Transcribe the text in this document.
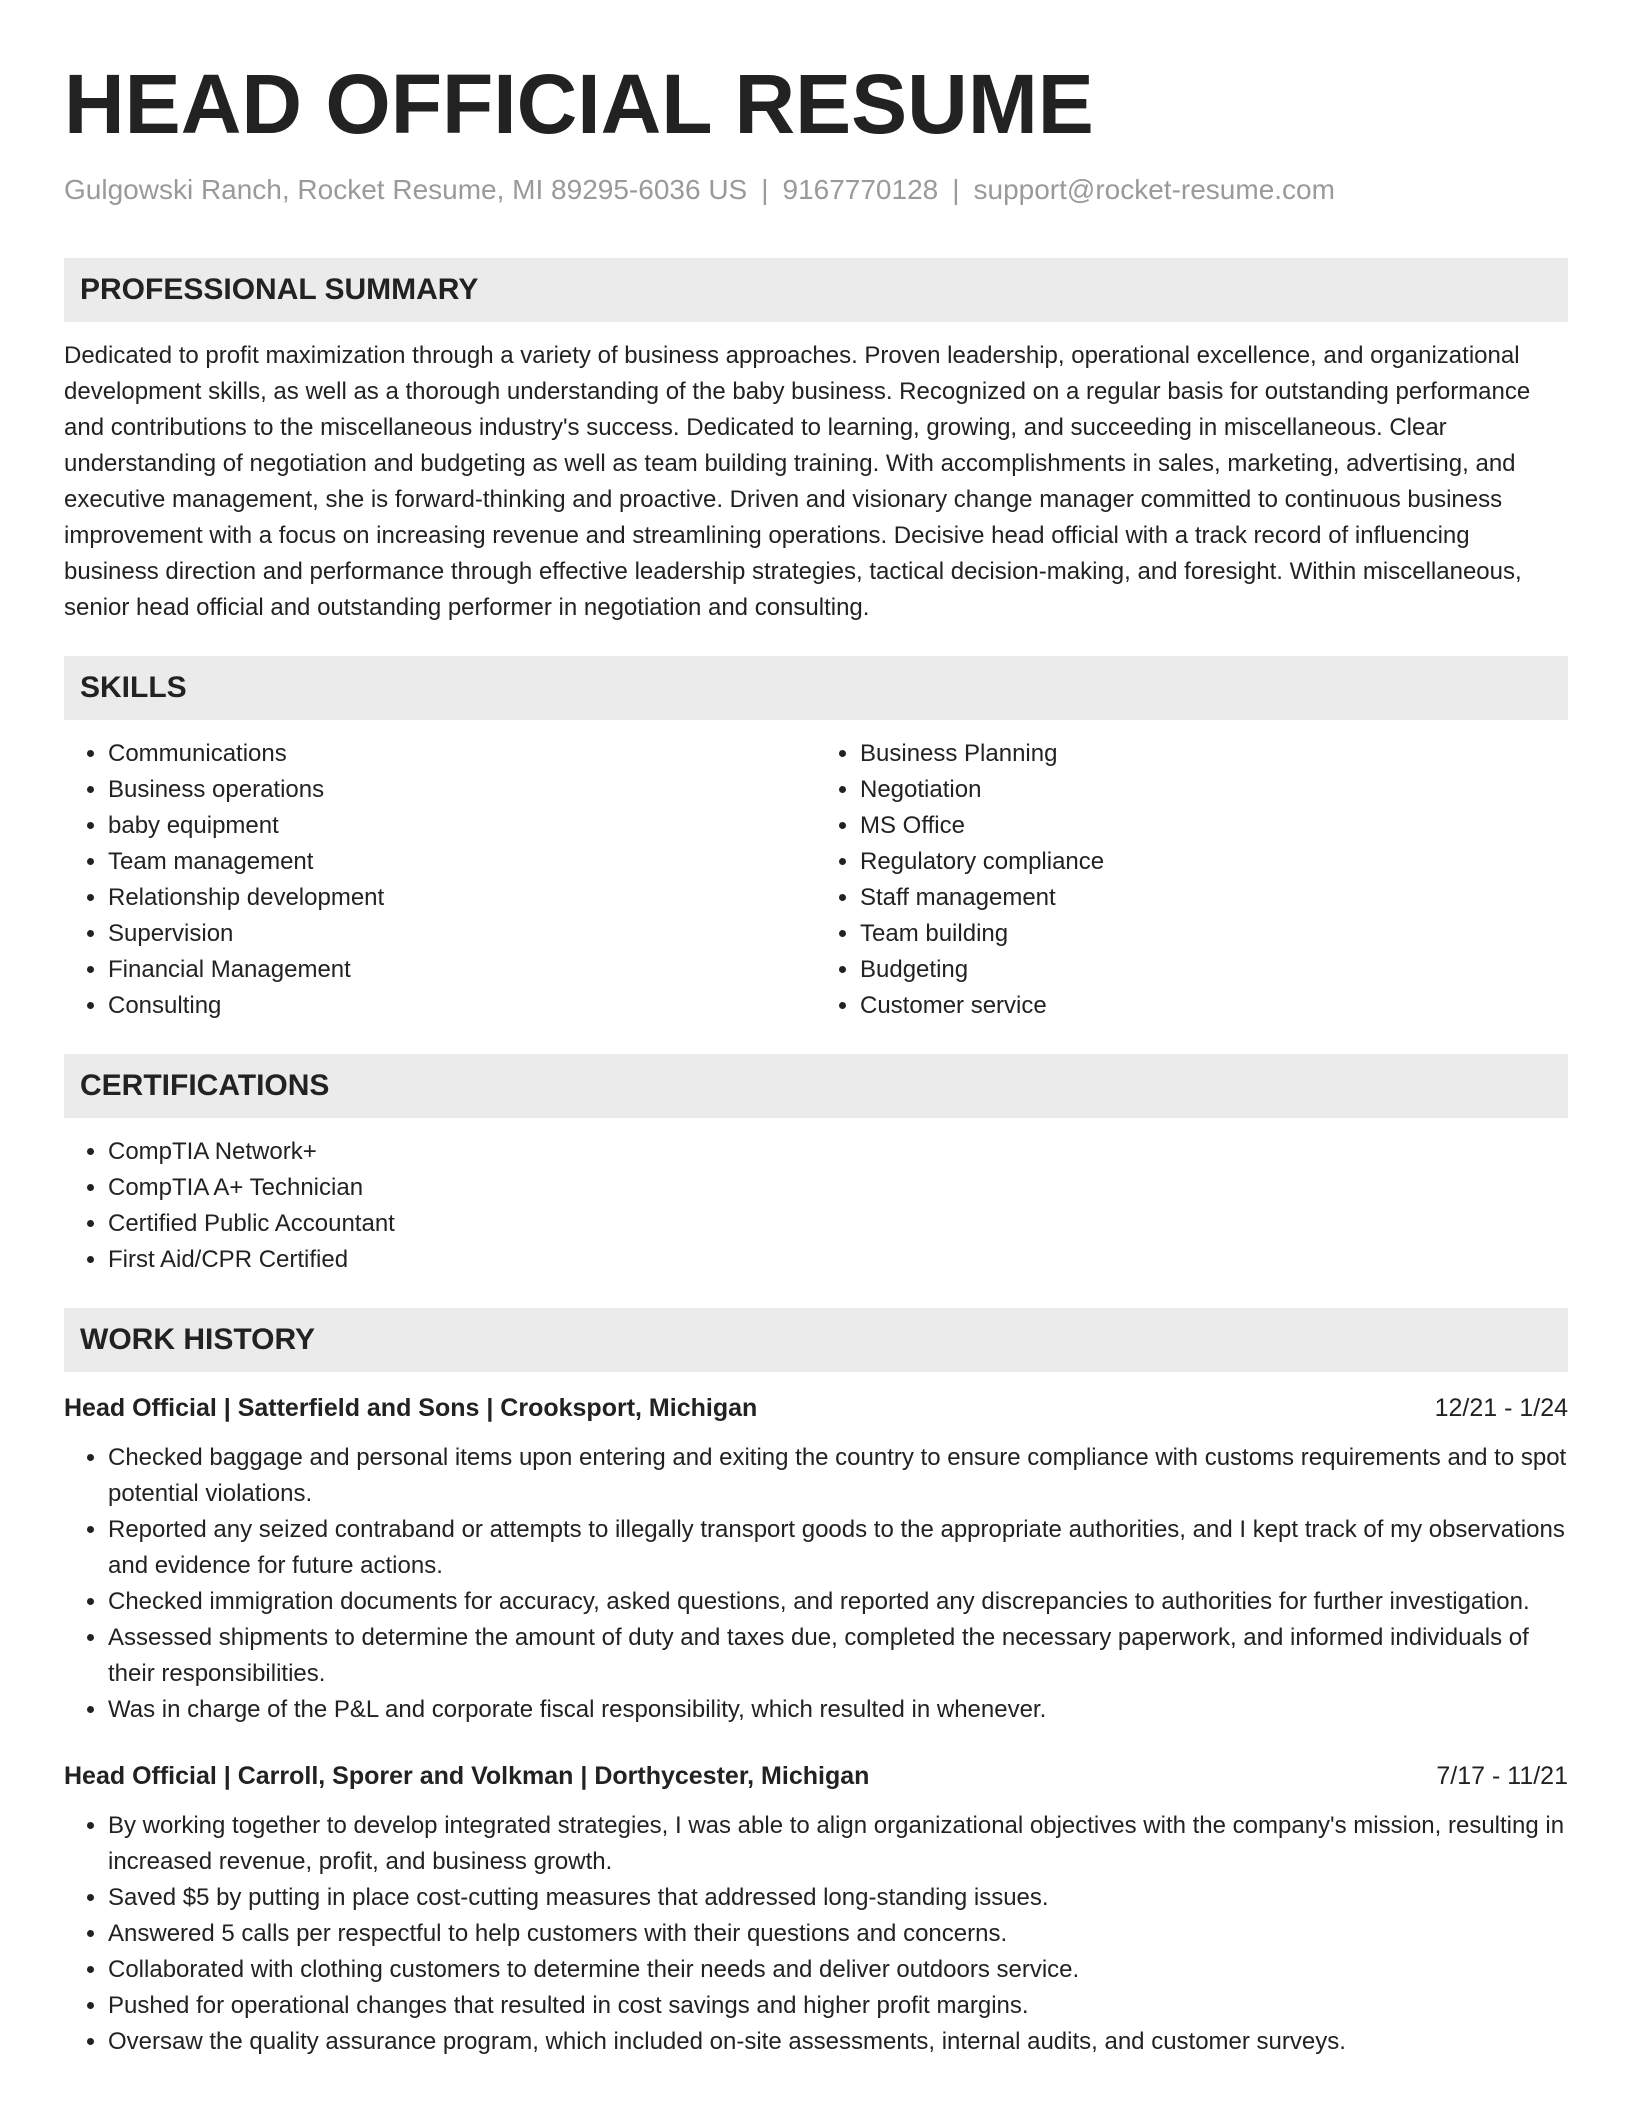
HEAD OFFICIAL RESUME
Gulgowski Ranch, Rocket Resume, MI 89295-6036 US | 9167770128 | support@rocket-resume.com
PROFESSIONAL SUMMARY

Dedicated to profit maximization through a variety of business approaches. Proven leadership, operational excellence, and organizational development skills, as well as a thorough understanding of the baby business. Recognized on a regular basis for outstanding performance and contributions to the miscellaneous industry's success. Dedicated to learning, growing, and succeeding in miscellaneous. Clear understanding of negotiation and budgeting as well as team building training. With accomplishments in sales, marketing, advertising, and executive management, she is forward-thinking and proactive. Driven and visionary change manager committed to continuous business improvement with a focus on increasing revenue and streamlining operations. Decisive head official with a track record of influencing business direction and performance through effective leadership strategies, tactical decision-making, and foresight. Within miscellaneous, senior head official and outstanding performer in negotiation and consulting.

SKILLS
• Communications
• Business operations
• baby equipment
• Team management
• Relationship development
• Supervision
• Financial Management
• Consulting
• Business Planning
• Negotiation
• MS Office
• Regulatory compliance
• Staff management
• Team building
• Budgeting
• Customer service
CERTIFICATIONS
• CompTIA Network+
• CompTIA A+ Technician
• Certified Public Accountant
• First Aid/CPR Certified
WORK HISTORY
Head Official | Satterfield and Sons | Crooksport, Michigan	12/21 - 1/24
• Checked baggage and personal items upon entering and exiting the country to ensure compliance with customs requirements and to spot potential violations.
• Reported any seized contraband or attempts to illegally transport goods to the appropriate authorities, and I kept track of my observations and evidence for future actions.
• Checked immigration documents for accuracy, asked questions, and reported any discrepancies to authorities for further investigation.
• Assessed shipments to determine the amount of duty and taxes due, completed the necessary paperwork, and informed individuals of their responsibilities.
• Was in charge of the P&L and corporate fiscal responsibility, which resulted in whenever.
Head Official | Carroll, Sporer and Volkman | Dorthycester, Michigan	7/17 - 11/21
• By working together to develop integrated strategies, I was able to align organizational objectives with the company's mission, resulting in increased revenue, profit, and business growth.
• Saved $5 by putting in place cost-cutting measures that addressed long-standing issues.
• Answered 5 calls per respectful to help customers with their questions and concerns.
• Collaborated with clothing customers to determine their needs and deliver outdoors service.
• Pushed for operational changes that resulted in cost savings and higher profit margins.
• Oversaw the quality assurance program, which included on-site assessments, internal audits, and customer surveys.
